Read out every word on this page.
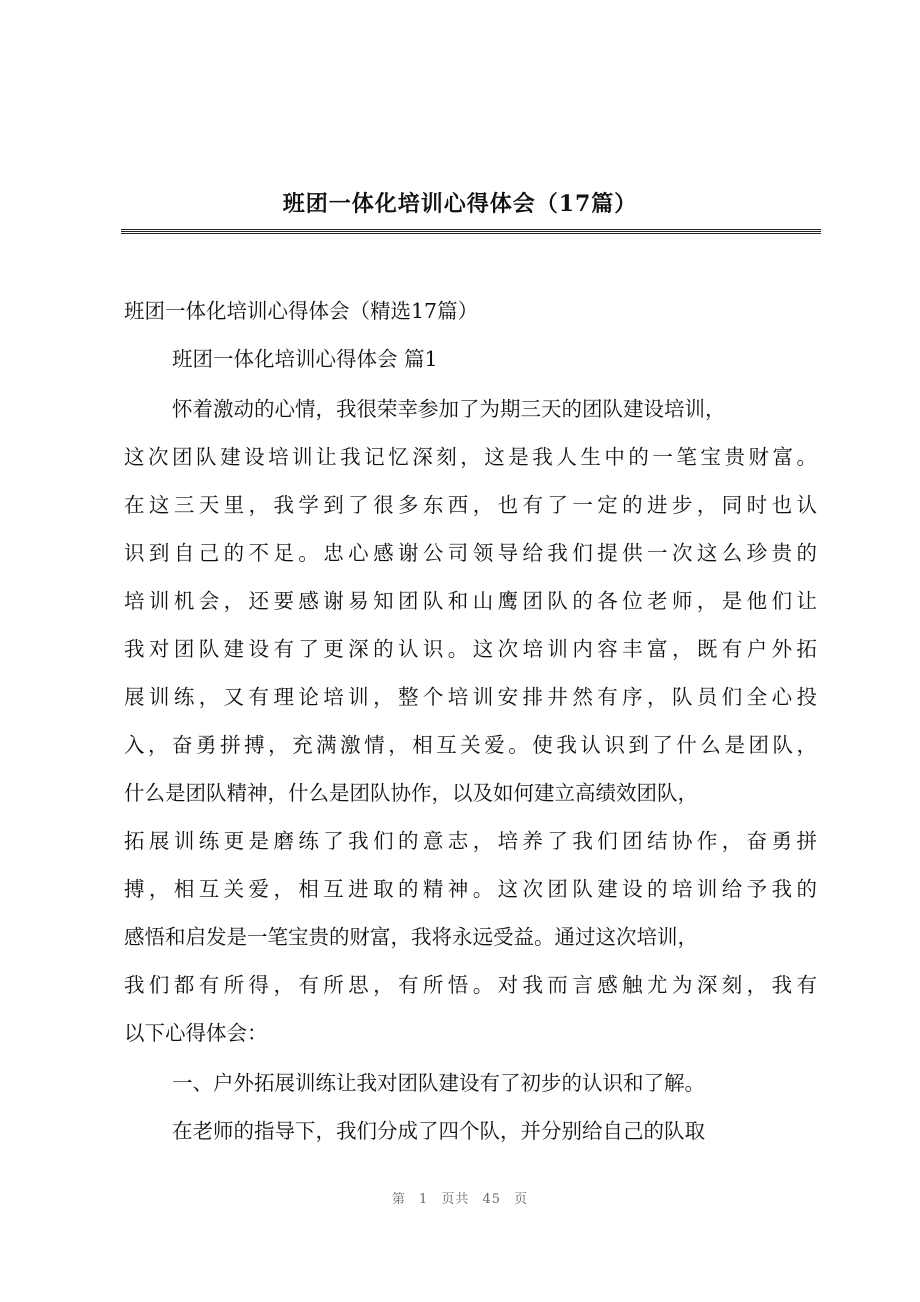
班团一体化培训心得体会（17篇）
班团一体化培训心得体会（精选17篇）
班团一体化培训心得体会 篇1
怀着激动的心情，我很荣幸参加了为期三天的团队建设培训，
这次团队建设培训让我记忆深刻，这是我人生中的一笔宝贵财富。
在这三天里，我学到了很多东西，也有了一定的进步，同时也认
识到自己的不足。忠心感谢公司领导给我们提供一次这么珍贵的
培训机会，还要感谢易知团队和山鹰团队的各位老师，是他们让
我对团队建设有了更深的认识。这次培训内容丰富，既有户外拓
展训练，又有理论培训，整个培训安排井然有序，队员们全心投
入，奋勇拼搏，充满激情，相互关爱。使我认识到了什么是团队，
什么是团队精神，什么是团队协作，以及如何建立高绩效团队，
拓展训练更是磨练了我们的意志，培养了我们团结协作，奋勇拼
搏，相互关爱，相互进取的精神。这次团队建设的培训给予我的
感悟和启发是一笔宝贵的财富，我将永远受益。通过这次培训，
我们都有所得，有所思，有所悟。对我而言感触尤为深刻，我有
以下心得体会：
一、户外拓展训练让我对团队建设有了初步的认识和了解。
在老师的指导下，我们分成了四个队，并分别给自己的队取
第 1 页共 45 页
